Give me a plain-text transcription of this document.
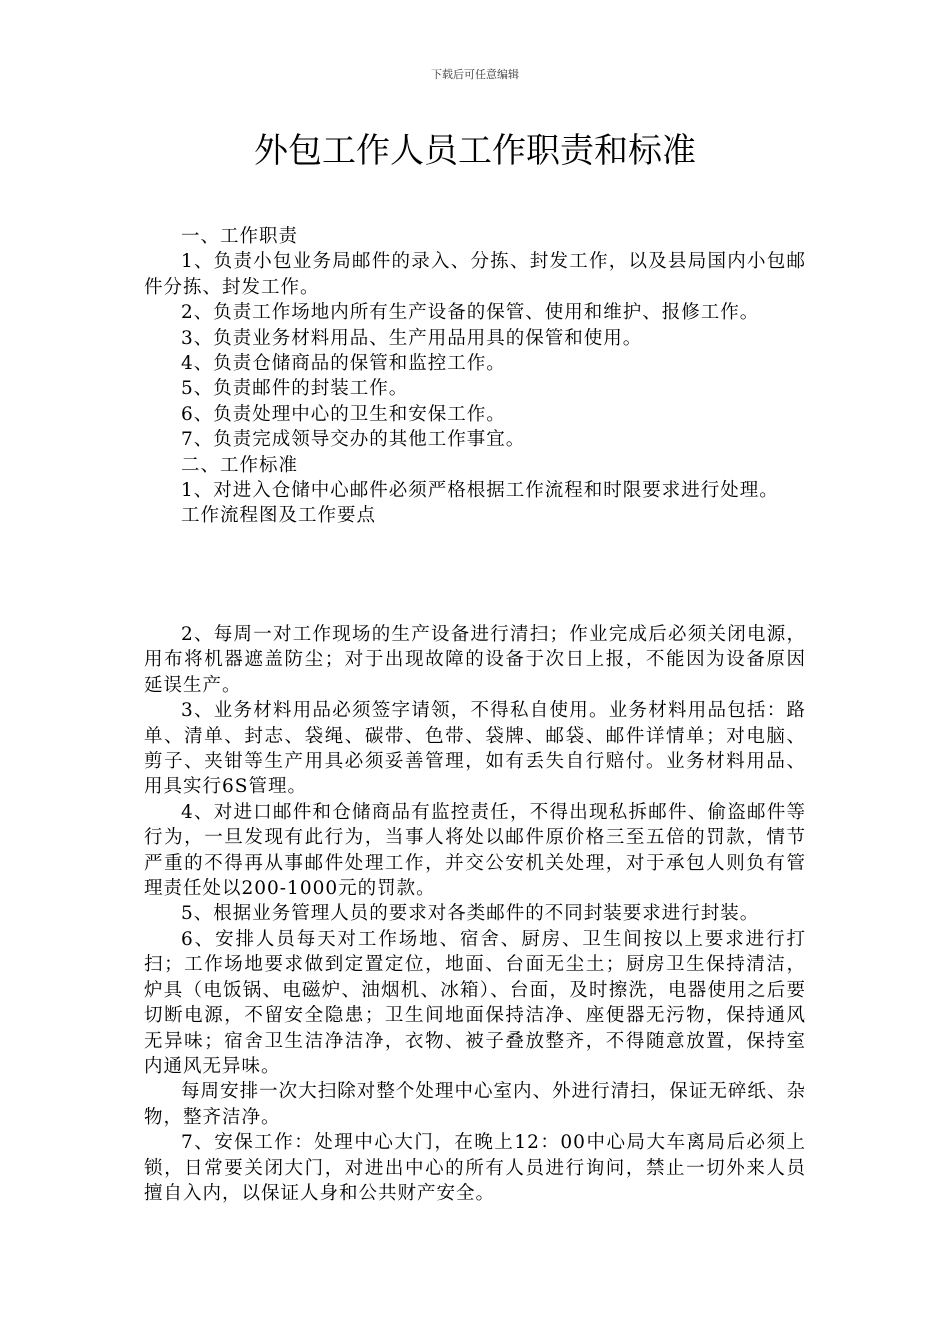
下载后可任意编辑
外包工作人员工作职责和标准

一、工作职责

1、负责小包业务局邮件的录入、分拣、封发工作，以及县局国内小包邮件分拣、封发工作。

2、负责工作场地内所有生产设备的保管、使用和维护、报修工作。

3、负责业务材料用品、生产用品用具的保管和使用。

4、负责仓储商品的保管和监控工作。

5、负责邮件的封装工作。

6、负责处理中心的卫生和安保工作。

7、负责完成领导交办的其他工作事宜。

二、工作标准

1、对进入仓储中心邮件必须严格根据工作流程和时限要求进行处理。

工作流程图及工作要点

2、每周一对工作现场的生产设备进行清扫；作业完成后必须关闭电源，用布将机器遮盖防尘；对于出现故障的设备于次日上报，不能因为设备原因延误生产。

3、业务材料用品必须签字请领，不得私自使用。业务材料用品包括：路单、清单、封志、袋绳、碳带、色带、袋牌、邮袋、邮件详情单；对电脑、剪子、夹钳等生产用具必须妥善管理，如有丢失自行赔付。业务材料用品、用具实行6S管理。

4、对进口邮件和仓储商品有监控责任，不得出现私拆邮件、偷盗邮件等行为，一旦发现有此行为，当事人将处以邮件原价格三至五倍的罚款，情节严重的不得再从事邮件处理工作，并交公安机关处理，对于承包人则负有管理责任处以200-1000元的罚款。

5、根据业务管理人员的要求对各类邮件的不同封装要求进行封装。

6、安排人员每天对工作场地、宿舍、厨房、卫生间按以上要求进行打扫；工作场地要求做到定置定位，地面、台面无尘土；厨房卫生保持清洁，炉具（电饭锅、电磁炉、油烟机、冰箱）、台面，及时擦洗，电器使用之后要切断电源，不留安全隐患；卫生间地面保持洁净、座便器无污物，保持通风无异味；宿舍卫生洁净洁净，衣物、被子叠放整齐，不得随意放置，保持室内通风无异味。

每周安排一次大扫除对整个处理中心室内、外进行清扫，保证无碎纸、杂物，整齐洁净。

7、安保工作：处理中心大门，在晚上12：00中心局大车离局后必须上锁，日常要关闭大门，对进出中心的所有人员进行询问，禁止一切外来人员擅自入内，以保证人身和公共财产安全。
